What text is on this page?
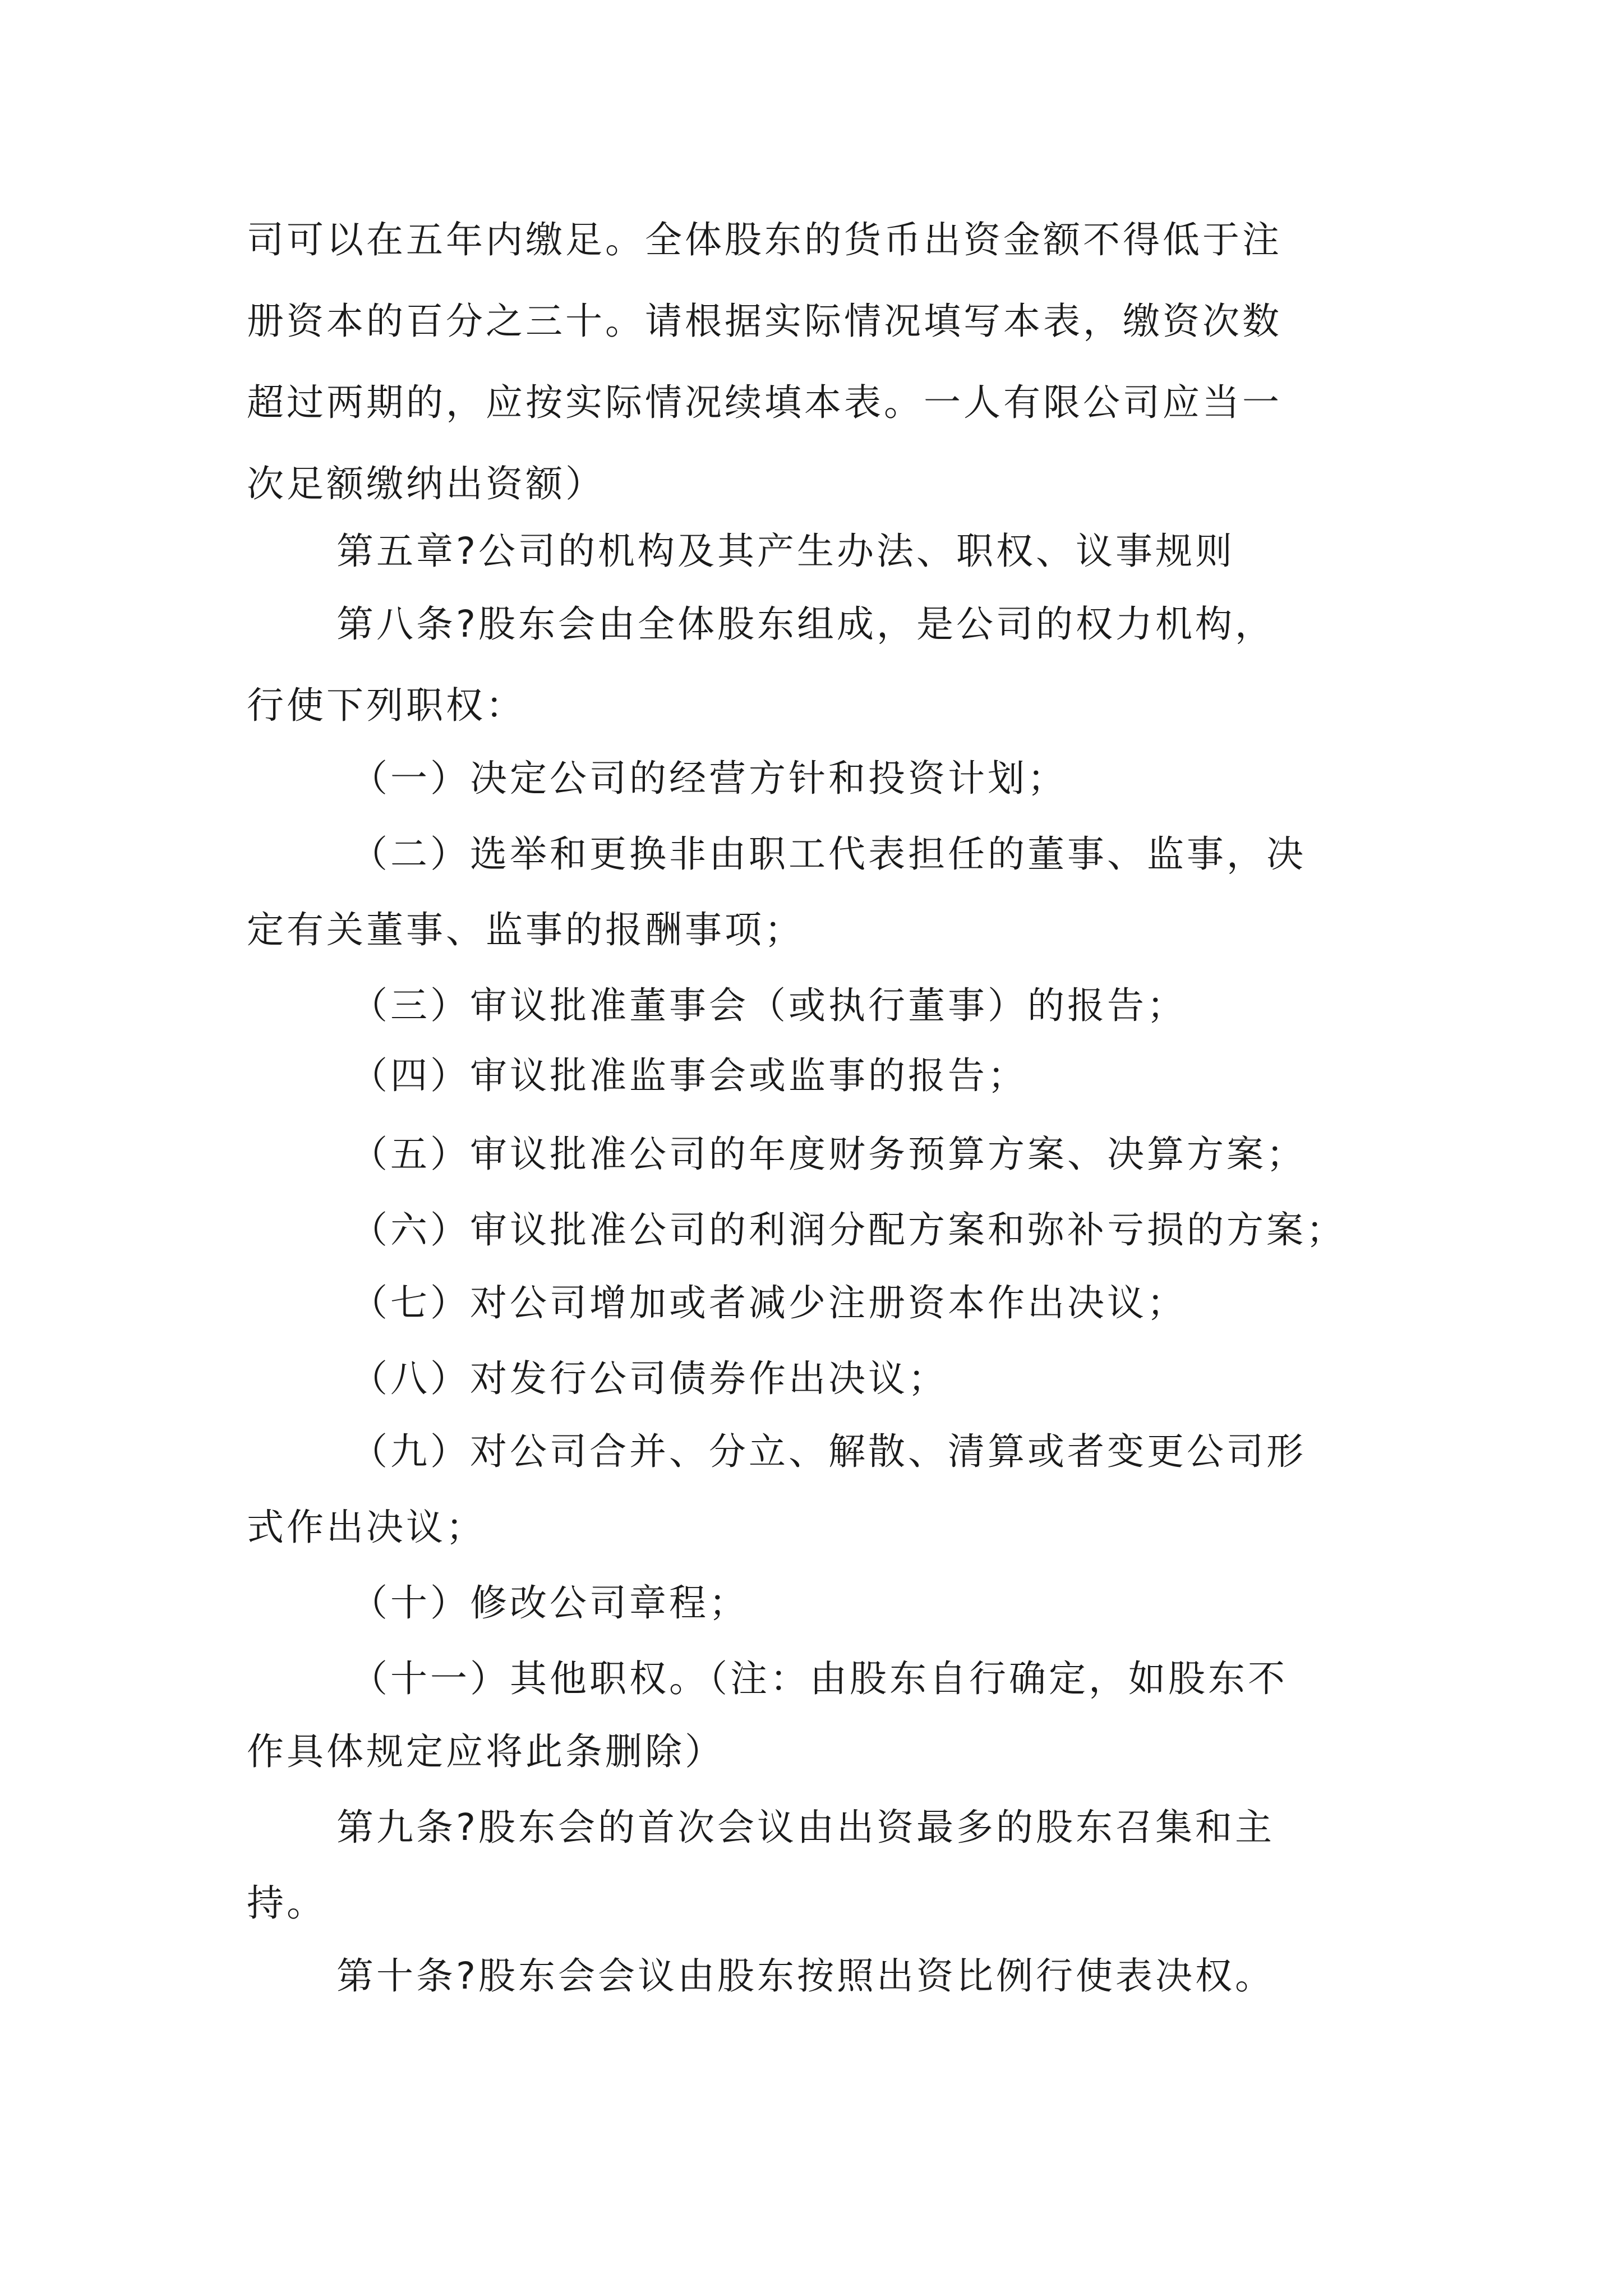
司可以在五年内缴足。全体股东的货币出资金额不得低于注

册资本的百分之三十。请根据实际情况填写本表，缴资次数

超过两期的，应按实际情况续填本表。一人有限公司应当一

次足额缴纳出资额）

第五章?公司的机构及其产生办法、职权、议事规则

第八条?股东会由全体股东组成，是公司的权力机构，

行使下列职权：

（一）决定公司的经营方针和投资计划；

（二）选举和更换非由职工代表担任的董事、监事，决

定有关董事、监事的报酬事项；

（三）审议批准董事会（或执行董事）的报告；

（四）审议批准监事会或监事的报告；

（五）审议批准公司的年度财务预算方案、决算方案；

（六）审议批准公司的利润分配方案和弥补亏损的方案；

（七）对公司增加或者减少注册资本作出决议；

（八）对发行公司债券作出决议；

（九）对公司合并、分立、解散、清算或者变更公司形

式作出决议；

（十）修改公司章程；

（十一）其他职权。（注：由股东自行确定，如股东不

作具体规定应将此条删除）

第九条?股东会的首次会议由出资最多的股东召集和主

持。

第十条?股东会会议由股东按照出资比例行使表决权。
